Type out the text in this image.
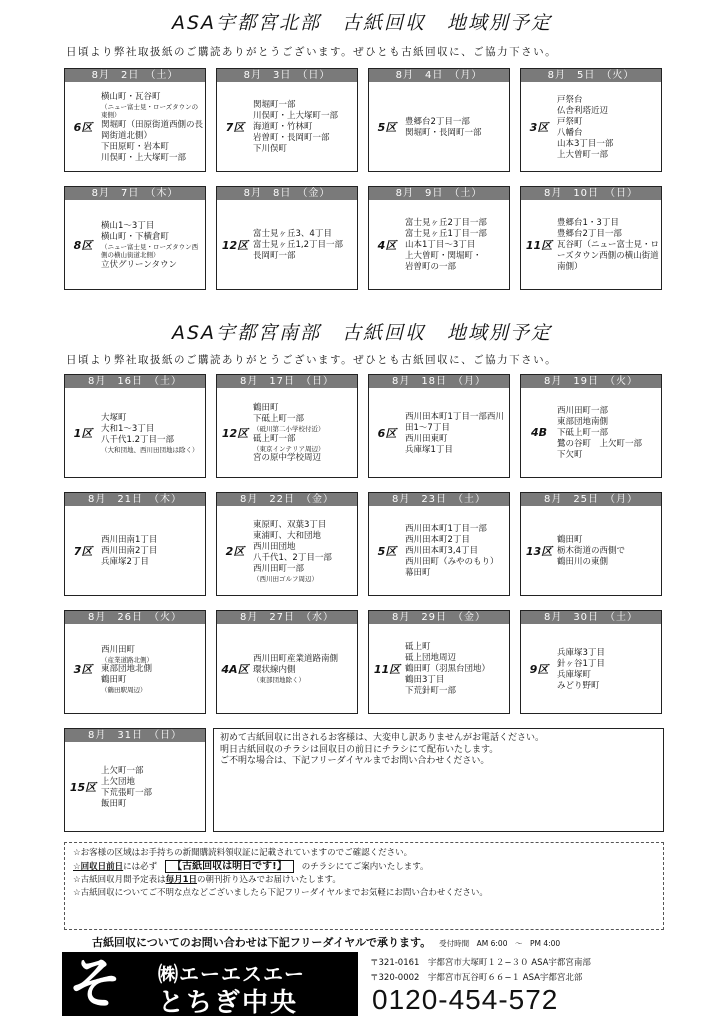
ASA宇都宮北部　古紙回収　地域別予定
日頃より弊社取扱紙のご購読ありがとうございます。ぜひとも古紙回収に、ご協力下さい。
8月　2日　（土）
6区
横山町・瓦谷町
（ニュー富士見・ローズタウンの東側）
関堀町（田原街道西側の長岡街道北側）
下田原町・岩本町
川俣町・上大塚町一部
8月　3日　（日）
7区
関堀町一部
川俣町・上大塚町一部
海道町・竹林町
岩曽町・長岡町一部
下川俣町
8月　4日　（月）
5区	豊郷台2丁目一部
関堀町・長岡町一部
8月　5日　（火）
3区
戸祭台
仏舎利塔近辺
戸祭町
八幡台
山本3丁目一部
上大曽町一部
8月　7日　（木）
8区
横山1〜3丁目
横山町・下横倉町
（ニュー富士見・ローズタウン西側の横山街道北側）
立伏グリーンタウン
8月　8日　（金）
12区
富士見ヶ丘3、4丁目
富士見ヶ丘1,2丁目一部
長岡町一部
8月　9日　（土）
4区
富士見ヶ丘2丁目一部
富士見ヶ丘1丁目一部
山本1丁目〜3丁目
上大曽町・関堀町・
岩曽町の一部
8月　10日　（日）
11区
豊郷台1・3丁目
豊郷台2丁目一部
瓦谷町（ニュー富士見・ローズタウン西側の横山街道南側）
ASA宇都宮南部　古紙回収　地域別予定
日頃より弊社取扱紙のご購読ありがとうございます。ぜひとも古紙回収に、ご協力下さい。
8月　16日　（土）
1区
大塚町
大和1〜3丁目
八千代1.2丁目一部
（大和団地、西川田団地は除く）
8月　17日　（日）
12区
鶴田町
下砥上町一部
（砥川第二小学校付近）
砥上町一部
（東京インテリア周辺）
宮の原中学校周辺
8月　18日　（月）
6区
西川田本町1丁目一部西川田1〜7丁目
西川田東町
兵庫塚1丁目
8月　19日　（火）
4B
西川田町一部
東部団地南側
下砥上町一部
鷺の谷町　上欠町一部
下欠町
8月　21日　（木）
7区
西川田南1丁目
西川田南2丁目
兵庫塚2丁目
8月　22日　（金）
2区
東原町、双葉3丁目
東浦町、大和団地
西川田団地
八千代1、2丁目一部
西川田町一部
（西川田ゴルフ周辺）
8月　23日　（土）
5区
西川田本町1丁目一部
西川田本町2丁目
西川田本町3,4丁目
西川田町（みやのもり）
幕田町
8月　25日　（月）
13区
鶴田町
栃木街道の西側で
鶴田川の東側
8月　26日　（火）
3区
西川田町
（産業道路北側）
東部団地北側
鶴田町
（鶴田駅周辺）
8月　27日　（水）
4A区
西川田町産業道路南側
環状線内側
（東部団地除く）
8月　29日　（金）
11区
砥上町
砥上団地周辺
鶴田町（羽黒台団地）
鶴田3丁目
下荒針町一部
8月　30日　（土）
9区
兵庫塚3丁目
針ヶ谷1丁目
兵庫塚町
みどり野町
8月　31日　（日）
15区
上欠町一部
上欠団地
下荒張町一部
飯田町
初めて古紙回収に出されるお客様は、大変申し訳ありませんがお電話ください。
明日古紙回収のチラシは回収日の前日にチラシにて配布いたします。
ご不明な場合は、下記フリーダイヤルまでお問い合わせください。
☆お客様の区域はお手持ちの新聞購読料領収証に記載されていますのでご確認ください。
☆回収日前日には必ず 【古紙回収は明日です!】 のチラシにてご案内いたします。
☆古紙回収月間予定表は毎月1日の朝刊折り込みでお届けいたします。
☆古紙回収についてご不明な点などございましたら下記フリーダイヤルまでお気軽にお問い合わせください。
古紙回収についてのお問い合わせは下記フリーダイヤルで承ります。 受付時間　AM 6:00　〜　PM 4:00
そ ㈱エーエスエー
とちぎ中央
〒321-0161　宇都宮市大塚町１２−３０ ASA宇都宮南部
〒320-0002　宇都宮市瓦谷町６６−１ ASA宇都宮北部
0120-454-572
